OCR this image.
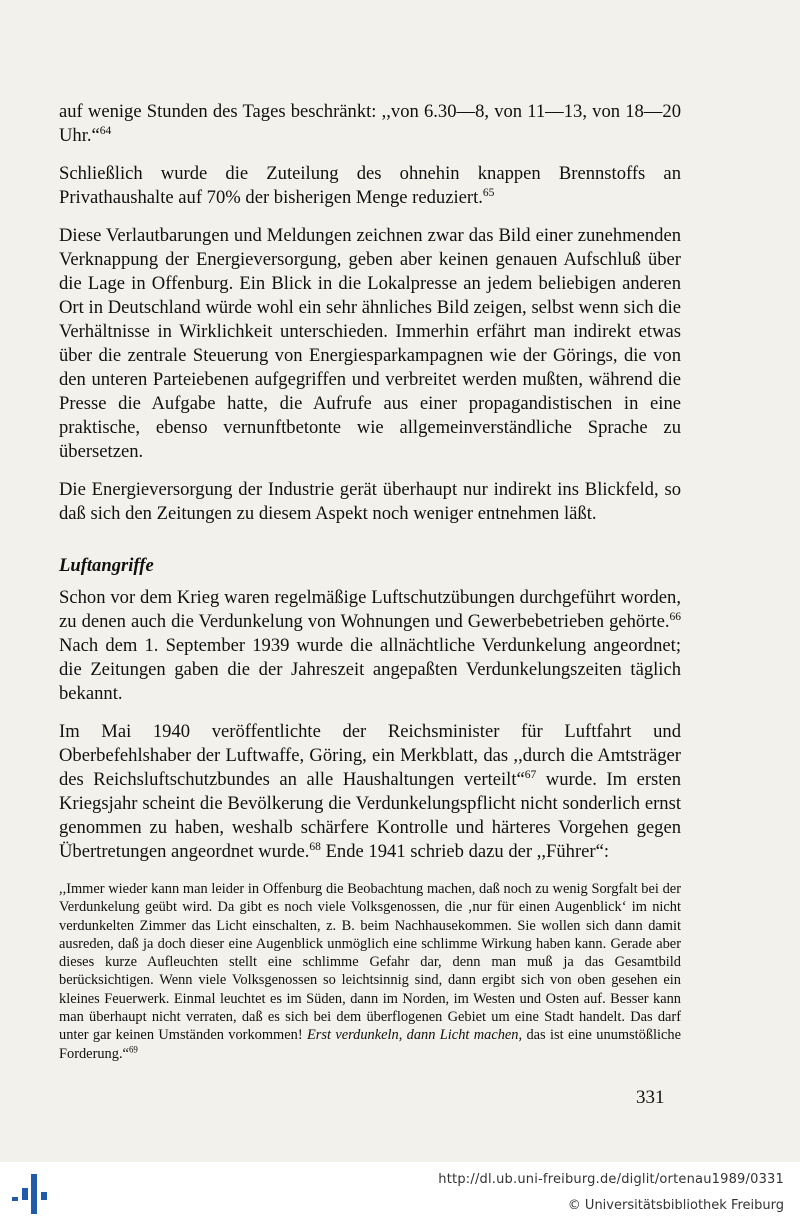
auf wenige Stunden des Tages beschränkt: ,,von 6.30—8, von 11—13, von 18—20 Uhr.“$^{64}$

Schließlich wurde die Zuteilung des ohnehin knappen Brennstoffs an Privathaushalte auf 70% der bisherigen Menge reduziert.$^{65}$

Diese Verlautbarungen und Meldungen zeichnen zwar das Bild einer zunehmenden Verknappung der Energieversorgung, geben aber keinen genauen Aufschluß über die Lage in Offenburg. Ein Blick in die Lokalpresse an jedem beliebigen anderen Ort in Deutschland würde wohl ein sehr ähnliches Bild zeigen, selbst wenn sich die Verhältnisse in Wirklichkeit unterschieden. Immerhin erfährt man indirekt etwas über die zentrale Steuerung von Energiesparkampagnen wie der Görings, die von den unteren Parteiebenen aufgegriffen und verbreitet werden mußten, während die Presse die Aufgabe hatte, die Aufrufe aus einer propagandistischen in eine praktische, ebenso vernunftbetonte wie allgemeinverständliche Sprache zu übersetzen.

Die Energieversorgung der Industrie gerät überhaupt nur indirekt ins Blickfeld, so daß sich den Zeitungen zu diesem Aspekt noch weniger entnehmen läßt.

Luftangriffe

Schon vor dem Krieg waren regelmäßige Luftschutzübungen durchgeführt worden, zu denen auch die Verdunkelung von Wohnungen und Gewerbebetrieben gehörte.$^{66}$ Nach dem 1. September 1939 wurde die allnächtliche Verdunkelung angeordnet; die Zeitungen gaben die der Jahreszeit angepaßten Verdunkelungszeiten täglich bekannt.

Im Mai 1940 veröffentlichte der Reichsminister für Luftfahrt und Oberbefehlshaber der Luftwaffe, Göring, ein Merkblatt, das ,,durch die Amtsträger des Reichsluftschutzbundes an alle Haushaltungen verteilt“$^{67}$ wurde. Im ersten Kriegsjahr scheint die Bevölkerung die Verdunkelungspflicht nicht sonderlich ernst genommen zu haben, weshalb schärfere Kontrolle und härteres Vorgehen gegen Übertretungen angeordnet wurde.$^{68}$ Ende 1941 schrieb dazu der ,,Führer“:

,,Immer wieder kann man leider in Offenburg die Beobachtung machen, daß noch zu wenig Sorgfalt bei der Verdunkelung geübt wird. Da gibt es noch viele Volksgenossen, die ‚nur für einen Augenblick‘ im nicht verdunkelten Zimmer das Licht einschalten, z. B. beim Nachhausekommen. Sie wollen sich dann damit ausreden, daß ja doch dieser eine Augenblick unmöglich eine schlimme Wirkung haben kann. Gerade aber dieses kurze Aufleuchten stellt eine schlimme Gefahr dar, denn man muß ja das Gesamtbild berücksichtigen. Wenn viele Volksgenossen so leichtsinnig sind, dann ergibt sich von oben gesehen ein kleines Feuerwerk. Einmal leuchtet es im Süden, dann im Norden, im Westen und Osten auf. Besser kann man überhaupt nicht verraten, daß es sich bei dem überflogenen Gebiet um eine Stadt handelt. Das darf unter gar keinen Umständen vorkommen! Erst verdunkeln, dann Licht machen, das ist eine unumstößliche Forderung.“$^{69}$

331
http://dl.ub.uni-freiburg.de/diglit/ortenau1989/0331
© Universitätsbibliothek Freiburg
